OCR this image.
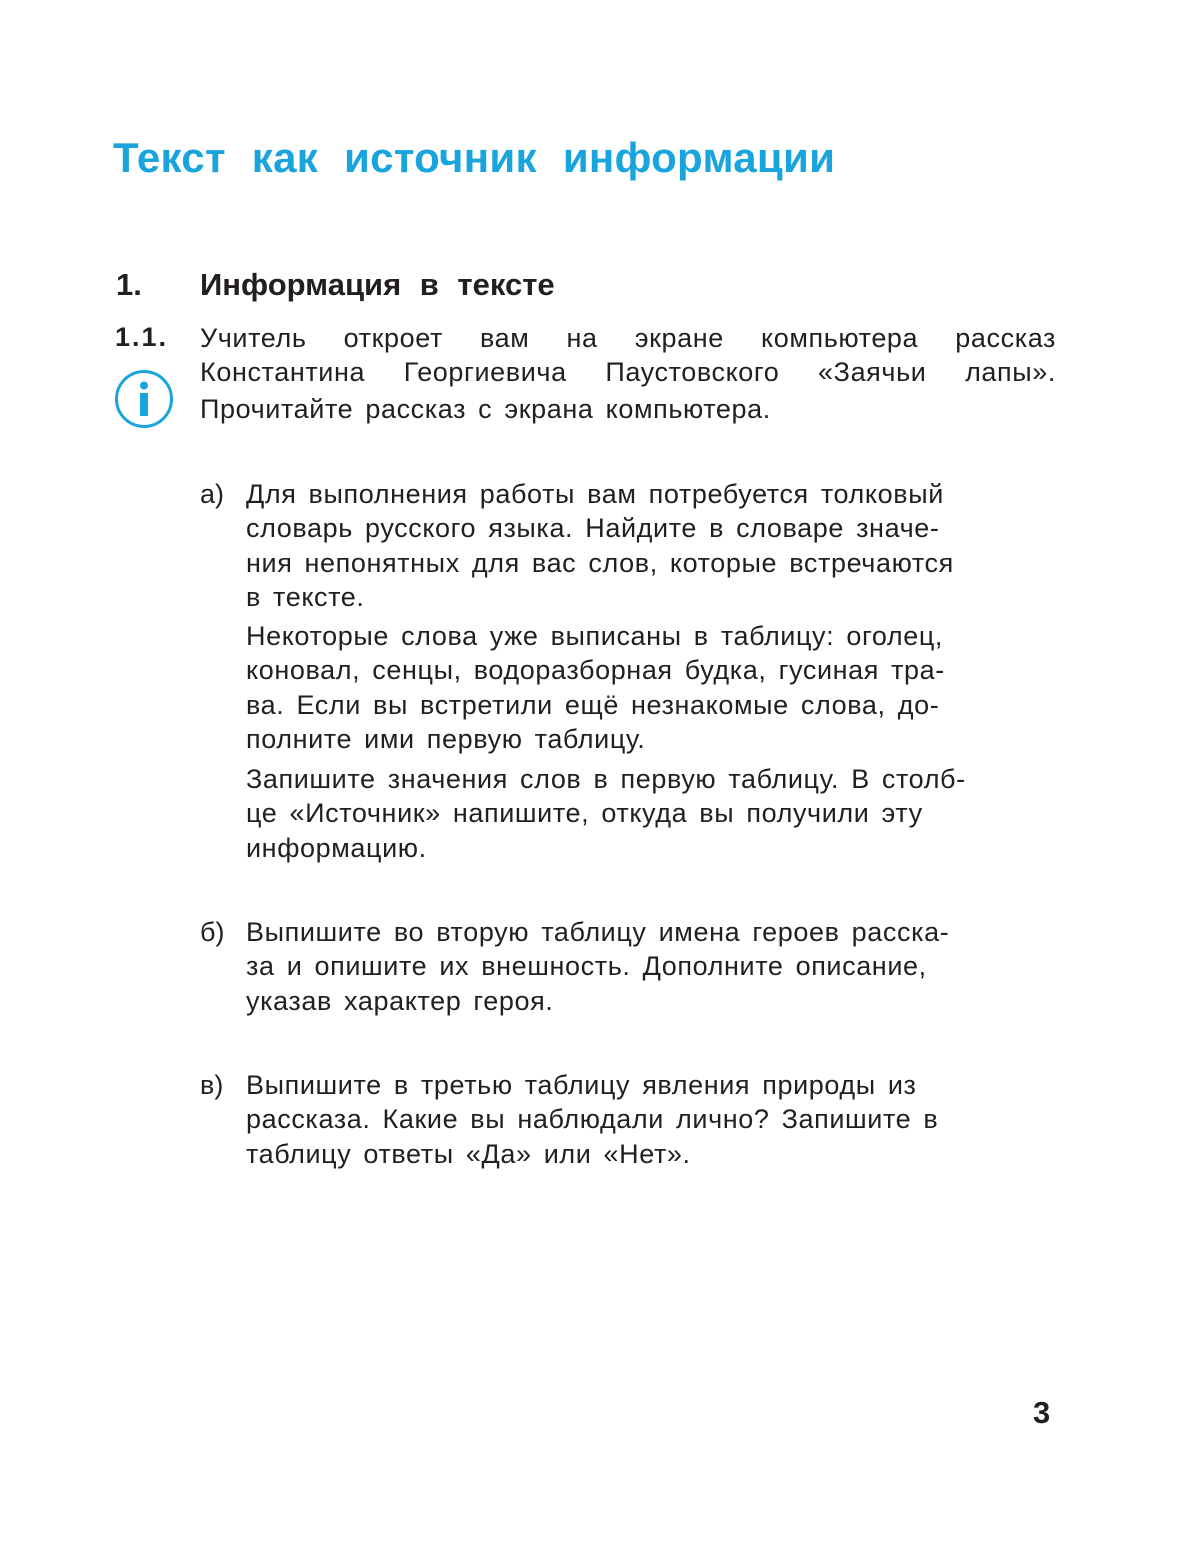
Текст как источник информации
1. Информация в тексте
1.1. Учитель откроет вам на экране компьютера рассказ
Константина Георгиевича Паустовского «Заячьи лапы».

Прочитайте рассказ с экрана компьютера.

а) Для выполнения работы вам потребуется толковый
словарь русского языка. Найдите в словаре значе-
ния непонятных для вас слов, которые встречаются
в тексте.

Некоторые слова уже выписаны в таблицу: оголец,
коновал, сенцы, водоразборная будка, гусиная тра-
ва. Если вы встретили ещё незнакомые слова, до-
полните ими первую таблицу.

Запишите значения слов в первую таблицу. В столб-
це «Источник» напишите, откуда вы получили эту
информацию.

б) Выпишите во вторую таблицу имена героев расска-
за и опишите их внешность. Дополните описание,
указав характер героя.

в) Выпишите в третью таблицу явления природы из
рассказа. Какие вы наблюдали лично? Запишите в
таблицу ответы «Да» или «Нет».

3
